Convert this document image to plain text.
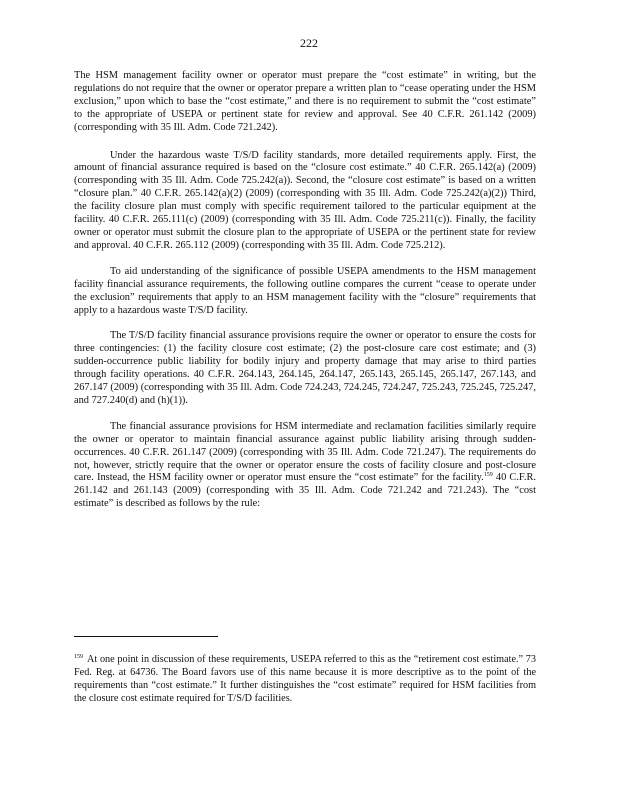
222

The HSM management facility owner or operator must prepare the “cost estimate” in writing, but the regulations do not require that the owner or operator prepare a written plan to “cease operating under the HSM exclusion,” upon which to base the “cost estimate,” and there is no requirement to submit the “cost estimate” to the appropriate of USEPA or pertinent state for review and approval. See 40 C.F.R. 261.142 (2009) (corresponding with 35 Ill. Adm. Code 721.242).

Under the hazardous waste T/S/D facility standards, more detailed requirements apply. First, the amount of financial assurance required is based on the “closure cost estimate.” 40 C.F.R. 265.142(a) (2009) (corresponding with 35 Ill. Adm. Code 725.242(a)). Second, the “closure cost estimate” is based on a written “closure plan.” 40 C.F.R. 265.142(a)(2) (2009) (corresponding with 35 Ill. Adm. Code 725.242(a)(2)) Third, the facility closure plan must comply with specific requirement tailored to the particular equipment at the facility. 40 C.F.R. 265.111(c) (2009) (corresponding with 35 Ill. Adm. Code 725.211(c)). Finally, the facility owner or operator must submit the closure plan to the appropriate of USEPA or the pertinent state for review and approval. 40 C.F.R. 265.112 (2009) (corresponding with 35 Ill. Adm. Code 725.212).

To aid understanding of the significance of possible USEPA amendments to the HSM management facility financial assurance requirements, the following outline compares the current “cease to operate under the exclusion” requirements that apply to an HSM management facility with the “closure” requirements that apply to a hazardous waste T/S/D facility.

The T/S/D facility financial assurance provisions require the owner or operator to ensure the costs for three contingencies: (1) the facility closure cost estimate; (2) the post-closure care cost estimate; and (3) sudden-occurrence public liability for bodily injury and property damage that may arise to third parties through facility operations. 40 C.F.R. 264.143, 264.145, 264.147, 265.143, 265.145, 265.147, 267.143, and 267.147 (2009) (corresponding with 35 Ill. Adm. Code 724.243, 724.245, 724.247, 725.243, 725.245, 725.247, and 727.240(d) and (h)(1)).

The financial assurance provisions for HSM intermediate and reclamation facilities similarly require the owner or operator to maintain financial assurance against public liability arising through sudden-occurrences. 40 C.F.R. 261.147 (2009) (corresponding with 35 Ill. Adm. Code 721.247). The requirements do not, however, strictly require that the owner or operator ensure the costs of facility closure and post-closure care. Instead, the HSM facility owner or operator must ensure the “cost estimate” for the facility.$^{159}$ 40 C.F.R. 261.142 and 261.143 (2009) (corresponding with 35 Ill. Adm. Code 721.242 and 721.243). The “cost estimate” is described as follows by the rule:

$^{159}$ At one point in discussion of these requirements, USEPA referred to this as the “retirement cost estimate.” 73 Fed. Reg. at 64736. The Board favors use of this name because it is more descriptive as to the point of the requirements than “cost estimate.” It further distinguishes the “cost estimate” required for HSM facilities from the closure cost estimate required for T/S/D facilities.
